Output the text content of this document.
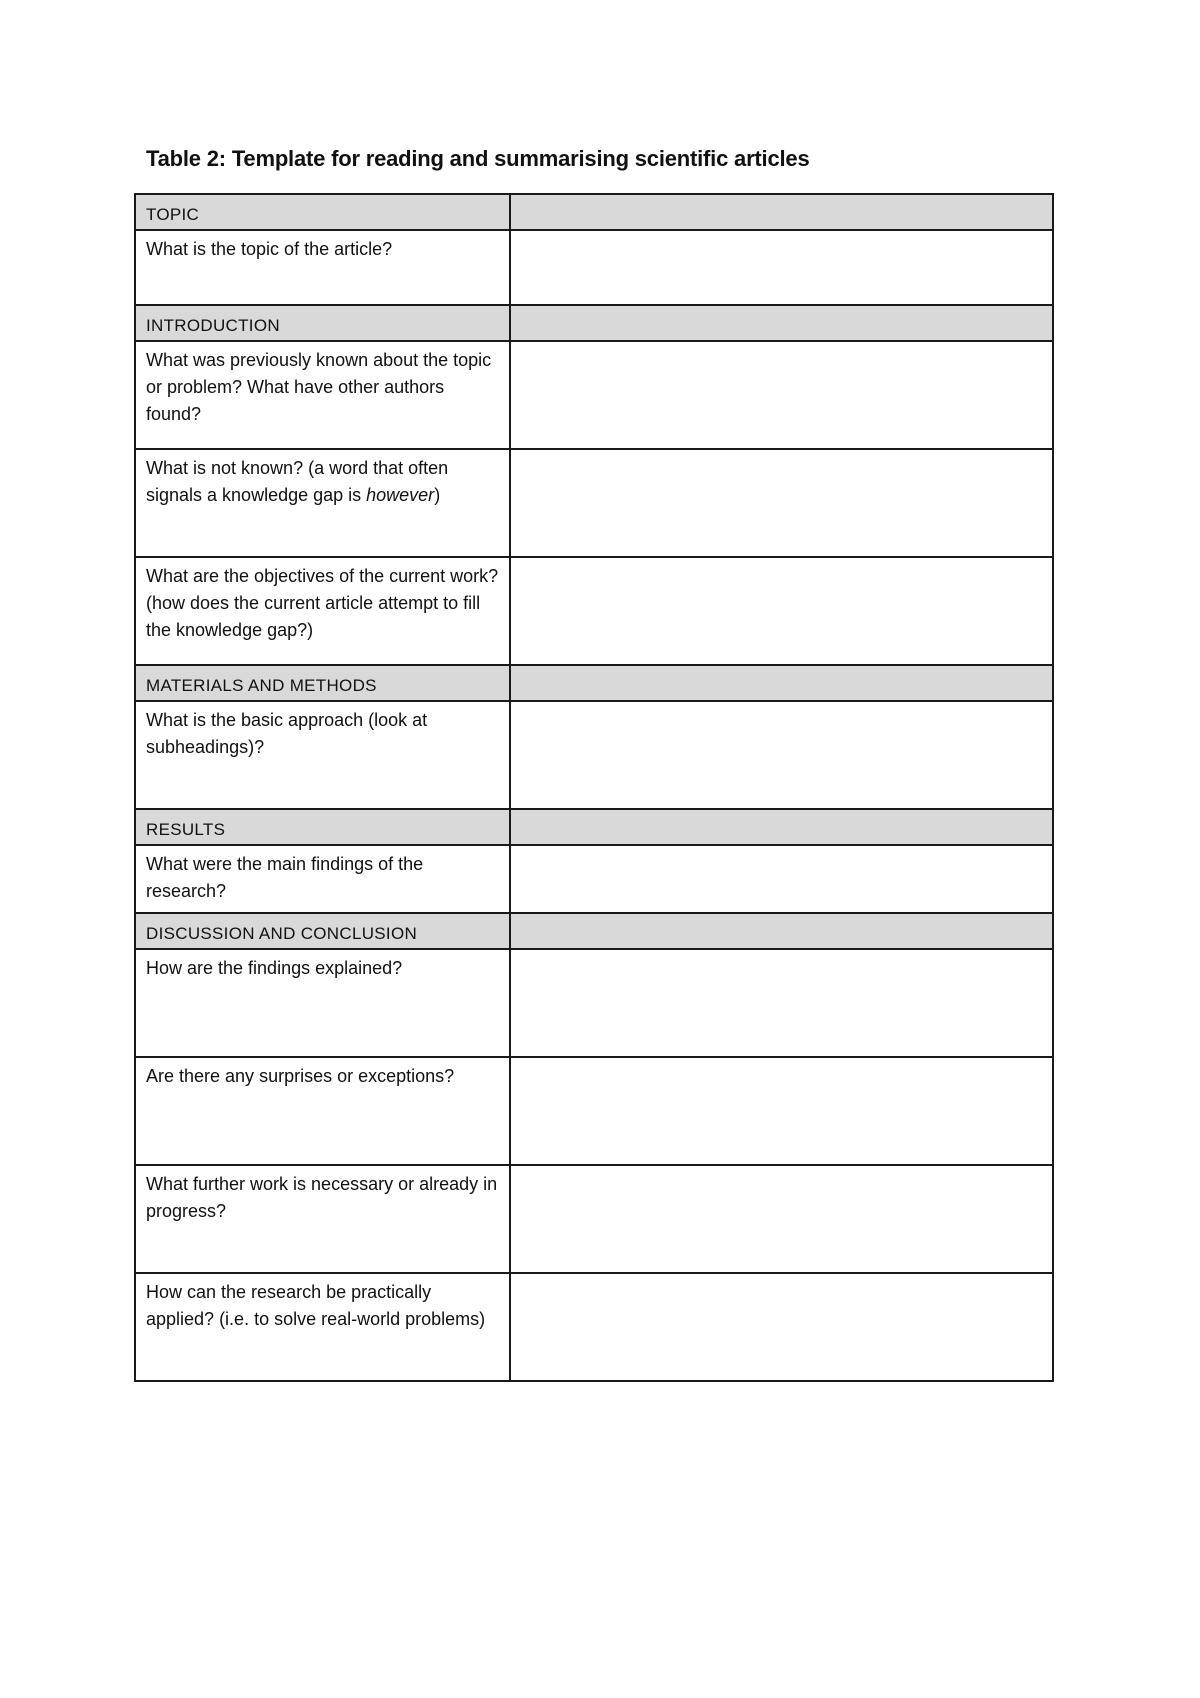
Table 2: Template for reading and summarising scientific articles
TOPIC	
What is the topic of the article?	
INTRODUCTION	
What was previously known about the topic or problem? What have other authors found?	
What is not known? (a word that often signals a knowledge gap is however)	
What are the objectives of the current work? (how does the current article attempt to fill the knowledge gap?)	
MATERIALS AND METHODS	
What is the basic approach (look at subheadings)?	
RESULTS	
What were the main findings of the research?	
DISCUSSION AND CONCLUSION	
How are the findings explained?	
Are there any surprises or exceptions?	
What further work is necessary or already in progress?	
How can the research be practically applied? (i.e. to solve real-world problems)	
